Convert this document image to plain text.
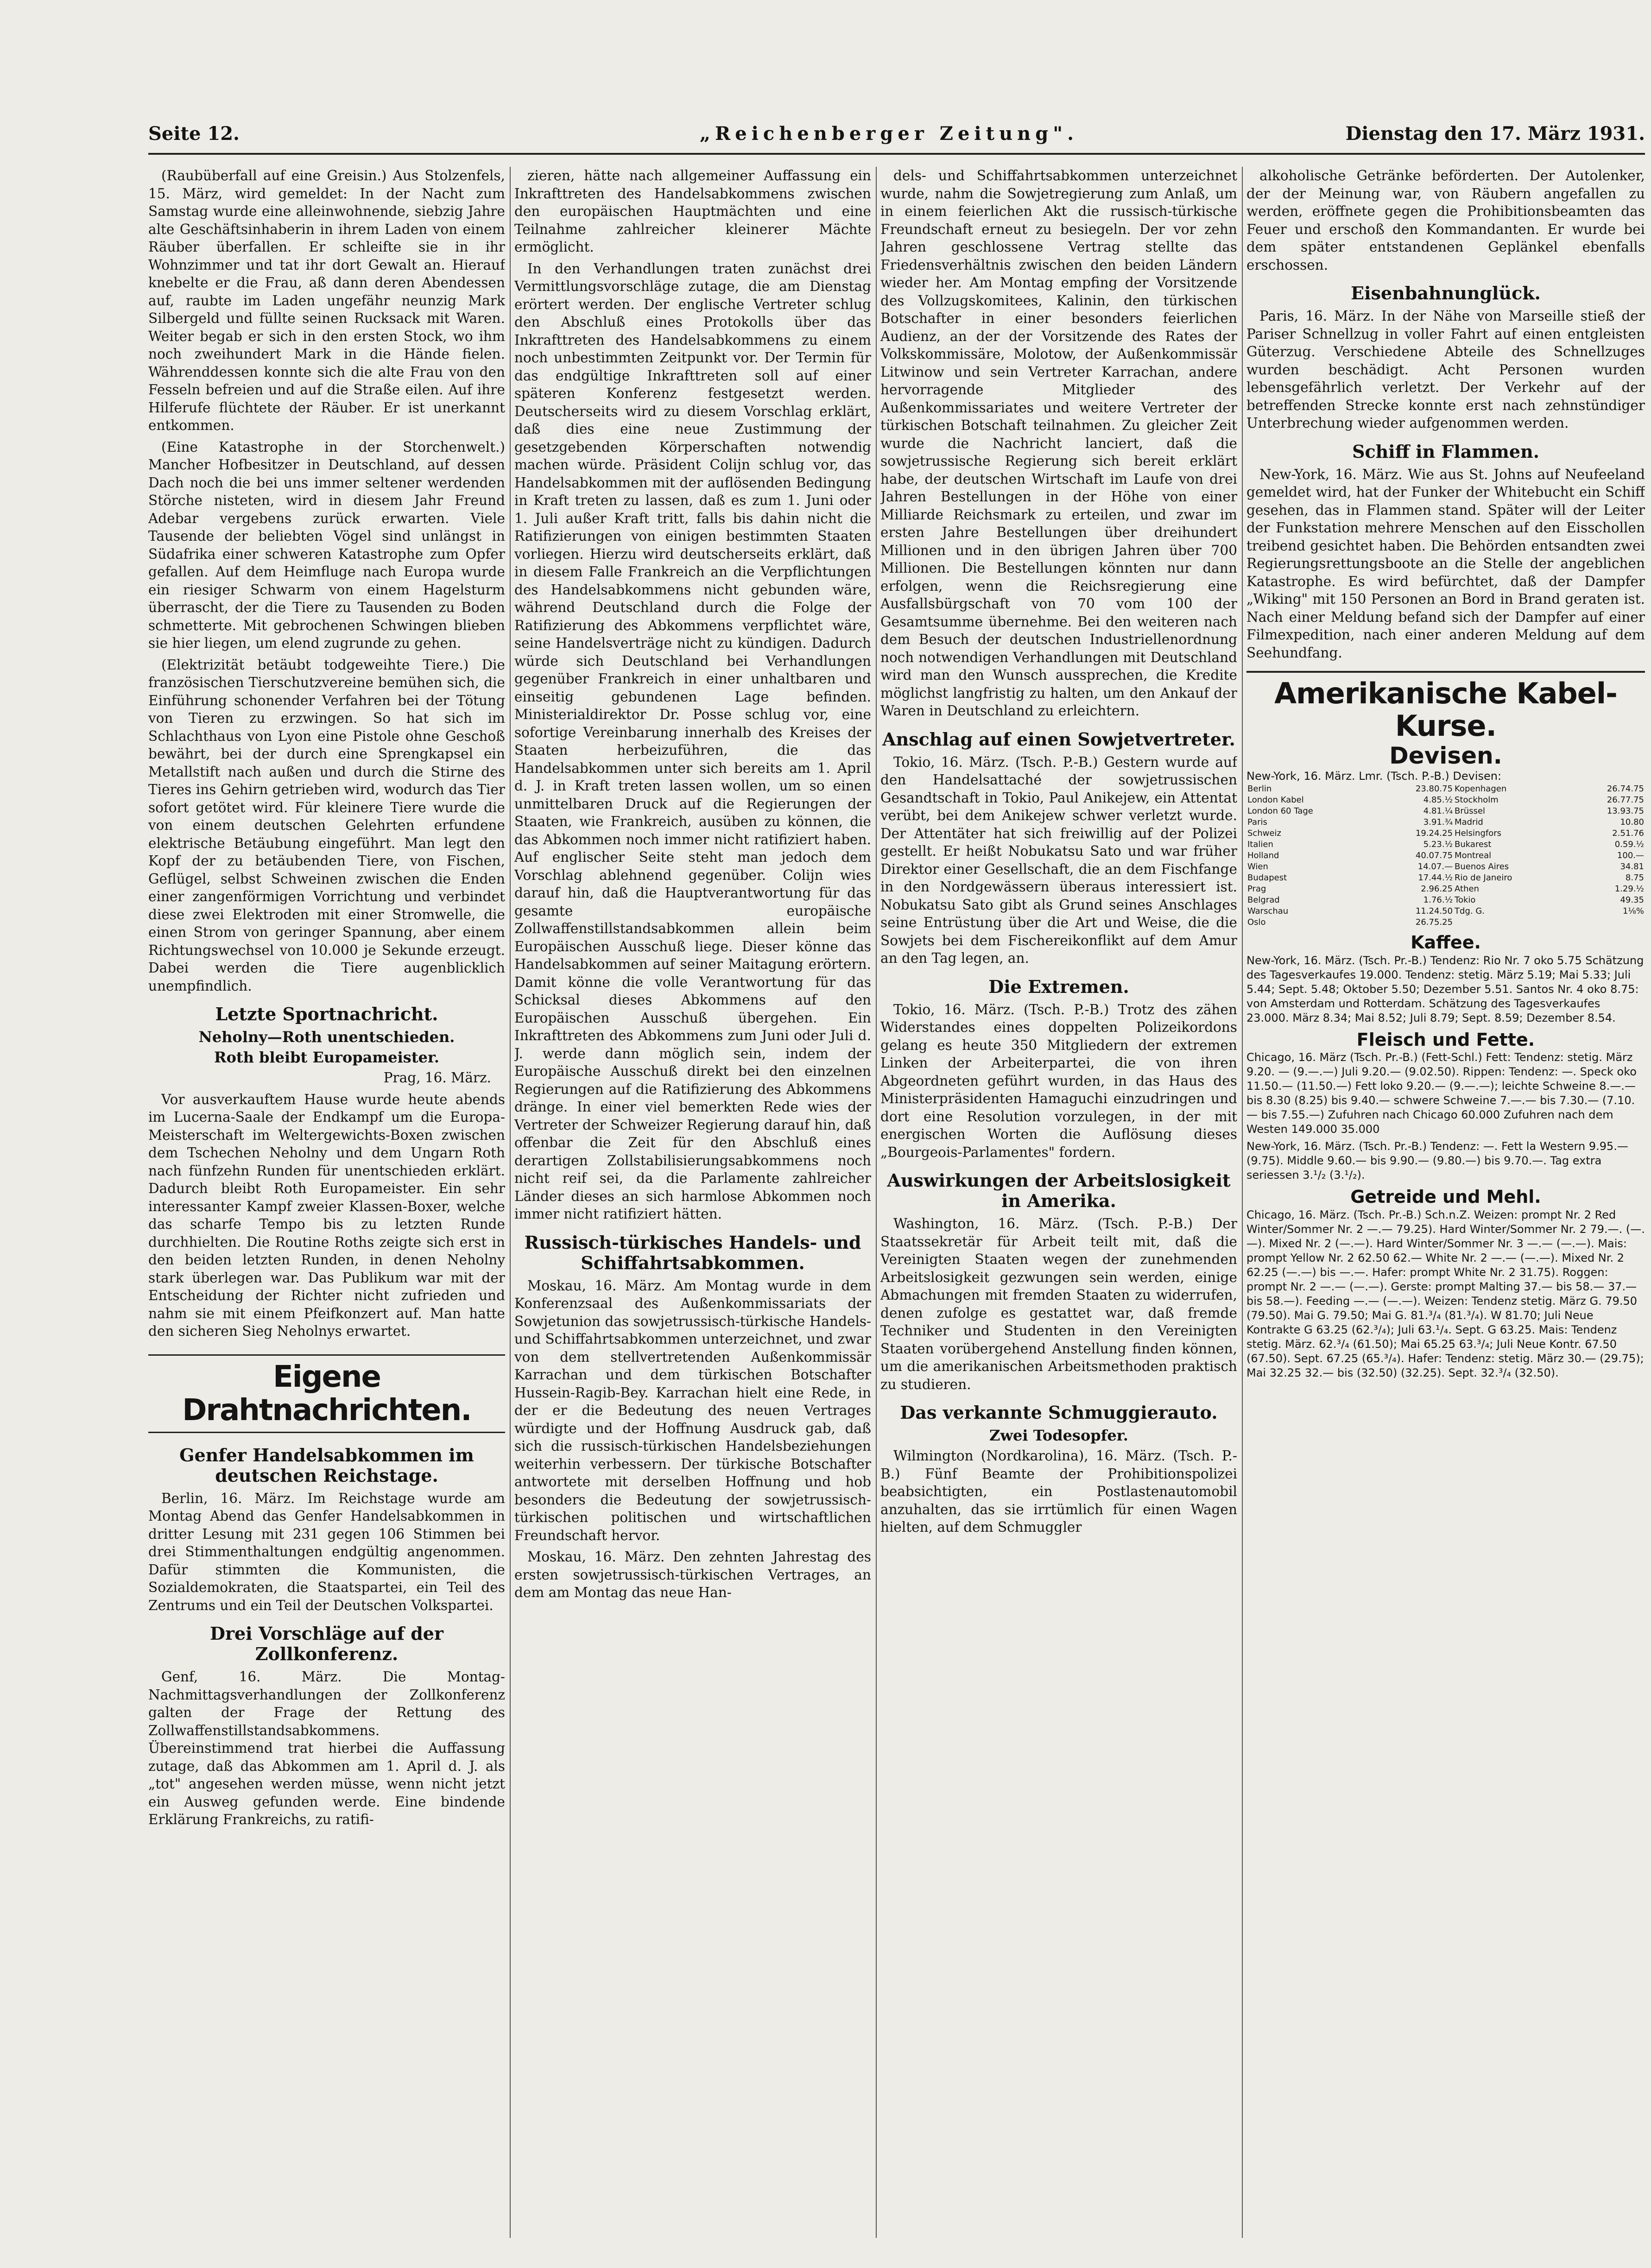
Seite 12.	„Reichenberger Zeitung".	Dienstag den 17. März 1931.

(Raubüberfall auf eine Greisin.) Aus Stolzenfels, 15. März, wird gemeldet: In der Nacht zum Samstag wurde eine alleinwohnende, siebzig Jahre alte Geschäftsinhaberin in ihrem Laden von einem Räuber überfallen. Er schleifte sie in ihr Wohnzimmer und tat ihr dort Gewalt an. Hierauf knebelte er die Frau, aß dann deren Abendessen auf, raubte im Laden ungefähr neunzig Mark Silbergeld und füllte seinen Rucksack mit Waren. Weiter begab er sich in den ersten Stock, wo ihm noch zweihundert Mark in die Hände fielen. Währenddessen konnte sich die alte Frau von den Fesseln befreien und auf die Straße eilen. Auf ihre Hilferufe flüchtete der Räuber. Er ist unerkannt entkommen.

(Eine Katastrophe in der Storchenwelt.) Mancher Hofbesitzer in Deutschland, auf dessen Dach noch die bei uns immer seltener werdenden Störche nisteten, wird in diesem Jahr Freund Adebar vergebens zurück erwarten. Viele Tausende der beliebten Vögel sind unlängst in Südafrika einer schweren Katastrophe zum Opfer gefallen. Auf dem Heimfluge nach Europa wurde ein riesiger Schwarm von einem Hagelsturm überrascht, der die Tiere zu Tausenden zu Boden schmetterte. Mit gebrochenen Schwingen blieben sie hier liegen, um elend zugrunde zu gehen.

(Elektrizität betäubt todgeweihte Tiere.) Die französischen Tierschutzvereine bemühen sich, die Einführung schonender Verfahren bei der Tötung von Tieren zu erzwingen. So hat sich im Schlachthaus von Lyon eine Pistole ohne Geschoß bewährt, bei der durch eine Sprengkapsel ein Metallstift nach außen und durch die Stirne des Tieres ins Gehirn getrieben wird, wodurch das Tier sofort getötet wird. Für kleinere Tiere wurde die von einem deutschen Gelehrten erfundene elektrische Betäubung eingeführt. Man legt den Kopf der zu betäubenden Tiere, von Fischen, Geflügel, selbst Schweinen zwischen die Enden einer zangenförmigen Vorrichtung und verbindet diese zwei Elektroden mit einer Stromwelle, die einen Strom von geringer Spannung, aber einem Richtungswechsel von 10.000 je Sekunde erzeugt. Dabei werden die Tiere augenblicklich unempfindlich.

Letzte Sportnachricht.
Neholny—Roth unentschieden.
Roth bleibt Europameister.
Prag, 16. März.

Vor ausverkauftem Hause wurde heute abends im Lucerna-Saale der Endkampf um die Europa-Meisterschaft im Weltergewichts-Boxen zwischen dem Tschechen Neholny und dem Ungarn Roth nach fünfzehn Runden für unentschieden erklärt. Dadurch bleibt Roth Europameister. Ein sehr interessanter Kampf zweier Klassen-Boxer, welche das scharfe Tempo bis zu letzten Runde durchhielten. Die Routine Roths zeigte sich erst in den beiden letzten Runden, in denen Neholny stark überlegen war. Das Publikum war mit der Entscheidung der Richter nicht zufrieden und nahm sie mit einem Pfeifkonzert auf. Man hatte den sicheren Sieg Neholnys erwartet.

Eigene Drahtnachrichten.
Genfer Handelsabkommen im deutschen Reichstage.

Berlin, 16. März. Im Reichstage wurde am Montag Abend das Genfer Handelsabkommen in dritter Lesung mit 231 gegen 106 Stimmen bei drei Stimmenthaltungen endgültig angenommen. Dafür stimmten die Kommunisten, die Sozialdemokraten, die Staatspartei, ein Teil des Zentrums und ein Teil der Deutschen Volkspartei.

Drei Vorschläge auf der Zollkonferenz.

Genf, 16. März. Die Montag-Nachmittagsverhandlungen der Zollkonferenz galten der Frage der Rettung des Zollwaffenstillstandsabkommens. Übereinstimmend trat hierbei die Auffassung zutage, daß das Abkommen am 1. April d. J. als „tot" angesehen werden müsse, wenn nicht jetzt ein Ausweg gefunden werde. Eine bindende Erklärung Frankreichs, zu ratifi-

zieren, hätte nach allgemeiner Auffassung ein Inkrafttreten des Handelsabkommens zwischen den europäischen Hauptmächten und eine Teilnahme zahlreicher kleinerer Mächte ermöglicht.

In den Verhandlungen traten zunächst drei Vermittlungsvorschläge zutage, die am Dienstag erörtert werden. Der englische Vertreter schlug den Abschluß eines Protokolls über das Inkrafttreten des Handelsabkommens zu einem noch unbestimmten Zeitpunkt vor. Der Termin für das endgültige Inkrafttreten soll auf einer späteren Konferenz festgesetzt werden. Deutscherseits wird zu diesem Vorschlag erklärt, daß dies eine neue Zustimmung der gesetzgebenden Körperschaften notwendig machen würde. Präsident Colijn schlug vor, das Handelsabkommen mit der auflösenden Bedingung in Kraft treten zu lassen, daß es zum 1. Juni oder 1. Juli außer Kraft tritt, falls bis dahin nicht die Ratifizierungen von einigen bestimmten Staaten vorliegen. Hierzu wird deutscherseits erklärt, daß in diesem Falle Frankreich an die Verpflichtungen des Handelsabkommens nicht gebunden wäre, während Deutschland durch die Folge der Ratifizierung des Abkommens verpflichtet wäre, seine Handelsverträge nicht zu kündigen. Dadurch würde sich Deutschland bei Verhandlungen gegenüber Frankreich in einer unhaltbaren und einseitig gebundenen Lage befinden. Ministerialdirektor Dr. Posse schlug vor, eine sofortige Vereinbarung innerhalb des Kreises der Staaten herbeizuführen, die das Handelsabkommen unter sich bereits am 1. April d. J. in Kraft treten lassen wollen, um so einen unmittelbaren Druck auf die Regierungen der Staaten, wie Frankreich, ausüben zu können, die das Abkommen noch immer nicht ratifiziert haben. Auf englischer Seite steht man jedoch dem Vorschlag ablehnend gegenüber. Colijn wies darauf hin, daß die Hauptverantwortung für das gesamte europäische Zollwaffenstillstandsabkommen allein beim Europäischen Ausschuß liege. Dieser könne das Handelsabkommen auf seiner Maitagung erörtern. Damit könne die volle Verantwortung für das Schicksal dieses Abkommens auf den Europäischen Ausschuß übergehen. Ein Inkrafttreten des Abkommens zum Juni oder Juli d. J. werde dann möglich sein, indem der Europäische Ausschuß direkt bei den einzelnen Regierungen auf die Ratifizierung des Abkommens dränge. In einer viel bemerkten Rede wies der Vertreter der Schweizer Regierung darauf hin, daß offenbar die Zeit für den Abschluß eines derartigen Zollstabilisierungsabkommens noch nicht reif sei, da die Parlamente zahlreicher Länder dieses an sich harmlose Abkommen noch immer nicht ratifiziert hätten.

Russisch-türkisches Handels- und Schiffahrtsabkommen.

Moskau, 16. März. Am Montag wurde in dem Konferenzsaal des Außenkommissariats der Sowjetunion das sowjetrussisch-türkische Handels- und Schiffahrtsabkommen unterzeichnet, und zwar von dem stellvertretenden Außenkommissär Karrachan und dem türkischen Botschafter Hussein-Ragib-Bey. Karrachan hielt eine Rede, in der er die Bedeutung des neuen Vertrages würdigte und der Hoffnung Ausdruck gab, daß sich die russisch-türkischen Handelsbeziehungen weiterhin verbessern. Der türkische Botschafter antwortete mit derselben Hoffnung und hob besonders die Bedeutung der sowjetrussisch-türkischen politischen und wirtschaftlichen Freundschaft hervor.

Moskau, 16. März. Den zehnten Jahrestag des ersten sowjetrussisch-türkischen Vertrages, an dem am Montag das neue Han-

dels- und Schiffahrtsabkommen unterzeichnet wurde, nahm die Sowjetregierung zum Anlaß, um in einem feierlichen Akt die russisch-türkische Freundschaft erneut zu besiegeln. Der vor zehn Jahren geschlossene Vertrag stellte das Friedensverhältnis zwischen den beiden Ländern wieder her. Am Montag empfing der Vorsitzende des Vollzugskomitees, Kalinin, den türkischen Botschafter in einer besonders feierlichen Audienz, an der der Vorsitzende des Rates der Volkskommissäre, Molotow, der Außenkommissär Litwinow und sein Vertreter Karrachan, andere hervorragende Mitglieder des Außenkommissariates und weitere Vertreter der türkischen Botschaft teilnahmen. Zu gleicher Zeit wurde die Nachricht lanciert, daß die sowjetrussische Regierung sich bereit erklärt habe, der deutschen Wirtschaft im Laufe von drei Jahren Bestellungen in der Höhe von einer Milliarde Reichsmark zu erteilen, und zwar im ersten Jahre Bestellungen über dreihundert Millionen und in den übrigen Jahren über 700 Millionen. Die Bestellungen könnten nur dann erfolgen, wenn die Reichsregierung eine Ausfallsbürgschaft von 70 vom 100 der Gesamtsumme übernehme. Bei den weiteren nach dem Besuch der deutschen Industriellenordnung noch notwendigen Verhandlungen mit Deutschland wird man den Wunsch aussprechen, die Kredite möglichst langfristig zu halten, um den Ankauf der Waren in Deutschland zu erleichtern.

Anschlag auf einen Sowjetvertreter.

Tokio, 16. März. (Tsch. P.-B.) Gestern wurde auf den Handelsattaché der sowjetrussischen Gesandtschaft in Tokio, Paul Anikejew, ein Attentat verübt, bei dem Anikejew schwer verletzt wurde. Der Attentäter hat sich freiwillig auf der Polizei gestellt. Er heißt Nobukatsu Sato und war früher Direktor einer Gesellschaft, die an dem Fischfange in den Nordgewässern überaus interessiert ist. Nobukatsu Sato gibt als Grund seines Anschlages seine Entrüstung über die Art und Weise, die die Sowjets bei dem Fischereikonflikt auf dem Amur an den Tag legen, an.

Die Extremen.

Tokio, 16. März. (Tsch. P.-B.) Trotz des zähen Widerstandes eines doppelten Polizeikordons gelang es heute 350 Mitgliedern der extremen Linken der Arbeiterpartei, die von ihren Abgeordneten geführt wurden, in das Haus des Ministerpräsidenten Hamaguchi einzudringen und dort eine Resolution vorzulegen, in der mit energischen Worten die Auflösung dieses „Bourgeois-Parlamentes" fordern.

Auswirkungen der Arbeitslosigkeit in Amerika.

Washington, 16. März. (Tsch. P.-B.) Der Staatssekretär für Arbeit teilt mit, daß die Vereinigten Staaten wegen der zunehmenden Arbeitslosigkeit gezwungen sein werden, einige Abmachungen mit fremden Staaten zu widerrufen, denen zufolge es gestattet war, daß fremde Techniker und Studenten in den Vereinigten Staaten vorübergehend Anstellung finden können, um die amerikanischen Arbeitsmethoden praktisch zu studieren.

Das verkannte Schmuggierauto.
Zwei Todesopfer.

Wilmington (Nordkarolina), 16. März. (Tsch. P.-B.) Fünf Beamte der Prohibitionspolizei beabsichtigten, ein Postlastenautomobil anzuhalten, das sie irrtümlich für einen Wagen hielten, auf dem Schmuggler

alkoholische Getränke beförderten. Der Autolenker, der der Meinung war, von Räubern angefallen zu werden, eröffnete gegen die Prohibitionsbeamten das Feuer und erschoß den Kommandanten. Er wurde bei dem später entstandenen Geplänkel ebenfalls erschossen.

Eisenbahnunglück.

Paris, 16. März. In der Nähe von Marseille stieß der Pariser Schnellzug in voller Fahrt auf einen entgleisten Güterzug. Verschiedene Abteile des Schnellzuges wurden beschädigt. Acht Personen wurden lebensgefährlich verletzt. Der Verkehr auf der betreffenden Strecke konnte erst nach zehnstündiger Unterbrechung wieder aufgenommen werden.

Schiff in Flammen.

New-York, 16. März. Wie aus St. Johns auf Neufeeland gemeldet wird, hat der Funker der Whitebucht ein Schiff gesehen, das in Flammen stand. Später will der Leiter der Funkstation mehrere Menschen auf den Eisschollen treibend gesichtet haben. Die Behörden entsandten zwei Regierungsrettungsboote an die Stelle der angeblichen Katastrophe. Es wird befürchtet, daß der Dampfer „Wiking" mit 150 Personen an Bord in Brand geraten ist. Nach einer Meldung befand sich der Dampfer auf einer Filmexpedition, nach einer anderen Meldung auf dem Seehundfang.

Amerikanische Kabel-Kurse.
Devisen.
New-York, 16. März. Lmr. (Tsch. P.-B.) Devisen:
Berlin	23.80.75	Kopenhagen	26.74.75
London Kabel	4.85.½	Stockholm	26.77.75
London 60 Tage	4.81.¼	Brüssel	13.93.75
Paris	3.91.¾	Madrid	10.80
Schweiz	19.24.25	Helsingfors	2.51.76
Italien	5.23.½	Bukarest	0.59.½
Holland	40.07.75	Montreal	100.—
Wien	14.07.—	Buenos Aires	34.81
Budapest	17.44.½	Rio de Janeiro	8.75
Prag	2.96.25	Athen	1.29.½
Belgrad	1.76.½	Tokio	49.35
Warschau	11.24.50	Tdg. G.	1⅛%
Oslo	26.75.25		
Kaffee.
New-York, 16. März. (Tsch. Pr.-B.) Tendenz: Rio Nr. 7 oko 5.75 Schätzung des Tagesverkaufes 19.000. Tendenz: stetig. März 5.19; Mai 5.33; Juli 5.44; Sept. 5.48; Oktober 5.50; Dezember 5.51. Santos Nr. 4 oko 8.75: von Amsterdam und Rotterdam. Schätzung des Tagesverkaufes 23.000. März 8.34; Mai 8.52; Juli 8.79; Sept. 8.59; Dezember 8.54.
Fleisch und Fette.
Chicago, 16. März (Tsch. Pr.-B.) (Fett-Schl.) Fett: Tendenz: stetig. März 9.20. — (9.—.—) Juli 9.20.— (9.02.50). Rippen: Tendenz: —. Speck oko 11.50.— (11.50.—) Fett loko 9.20.— (9.—.—); leichte Schweine 8.—.— bis 8.30 (8.25) bis 9.40.— schwere Schweine 7.—.— bis 7.30.— (7.10.— bis 7.55.—) Zufuhren nach Chicago 60.000 Zufuhren nach dem Westen 149.000 35.000
New-York, 16. März. (Tsch. Pr.-B.) Tendenz: —. Fett la Western 9.95.— (9.75). Middle 9.60.— bis 9.90.— (9.80.—) bis 9.70.—. Tag extra seriessen 3.¹/₂ (3.¹/₂).
Getreide und Mehl.
Chicago, 16. März. (Tsch. Pr.-B.) Sch.n.Z. Weizen: prompt Nr. 2 Red Winter/Sommer Nr. 2 —.— 79.25). Hard Winter/Sommer Nr. 2 79.—. (—.—). Mixed Nr. 2 (—.—). Hard Winter/Sommer Nr. 3 —.— (—.—). Mais: prompt Yellow Nr. 2 62.50 62.— White Nr. 2 —.— (—.—). Mixed Nr. 2 62.25 (—.—) bis —.—. Hafer: prompt White Nr. 2 31.75). Roggen: prompt Nr. 2 —.— (—.—). Gerste: prompt Malting 37.— bis 58.— 37.— bis 58.—). Feeding —.— (—.—). Weizen: Tendenz stetig. März G. 79.50 (79.50). Mai G. 79.50; Mai G. 81.³/₄ (81.³/₄). W 81.70; Juli Neue Kontrakte G 63.25 (62.³/₄); Juli 63.¹/₄. Sept. G 63.25. Mais: Tendenz stetig. März. 62.³/₄ (61.50); Mai 65.25 63.³/₄; Juli Neue Kontr. 67.50 (67.50). Sept. 67.25 (65.³/₄). Hafer: Tendenz: stetig. März 30.— (29.75); Mai 32.25 32.— bis (32.50) (32.25). Sept. 32.³/₄ (32.50).
